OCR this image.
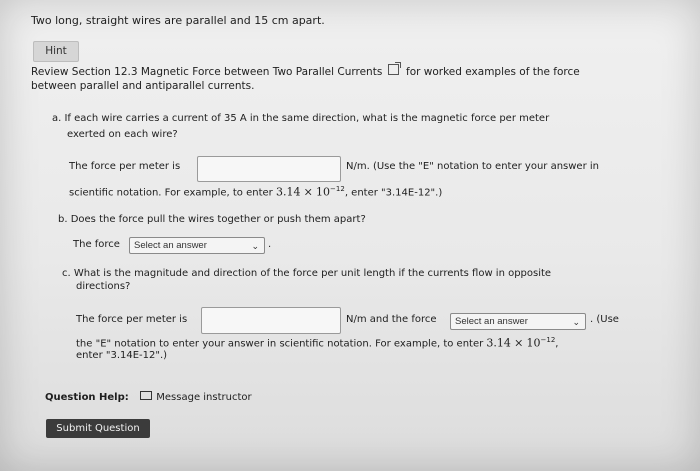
Two long, straight wires are parallel and 15 cm apart.
Hint
Review Section 12.3 Magnetic Force between Two Parallel Currents for worked examples of the force
between parallel and antiparallel currents.
a. If each wire carries a current of 35 A in the same direction, what is the magnetic force per meter
exerted on each wire?
The force per meter is	N/m. (Use the "E" notation to enter your answer in
scientific notation. For example, to enter $3.14 \times 10^{-12}$, enter "3.14E-12".)
b. Does the force pull the wires together or push them apart?
The force	Select an answer	⌄ .
c. What is the magnitude and direction of the force per unit length if the currents flow in opposite
directions?
The force per meter is	N/m and the force	Select an answer	⌄ . (Use
the "E" notation to enter your answer in scientific notation. For example, to enter $3.14 \times 10^{-12}$,
enter "3.14E-12".)
Question Help:	Message instructor
Submit Question
